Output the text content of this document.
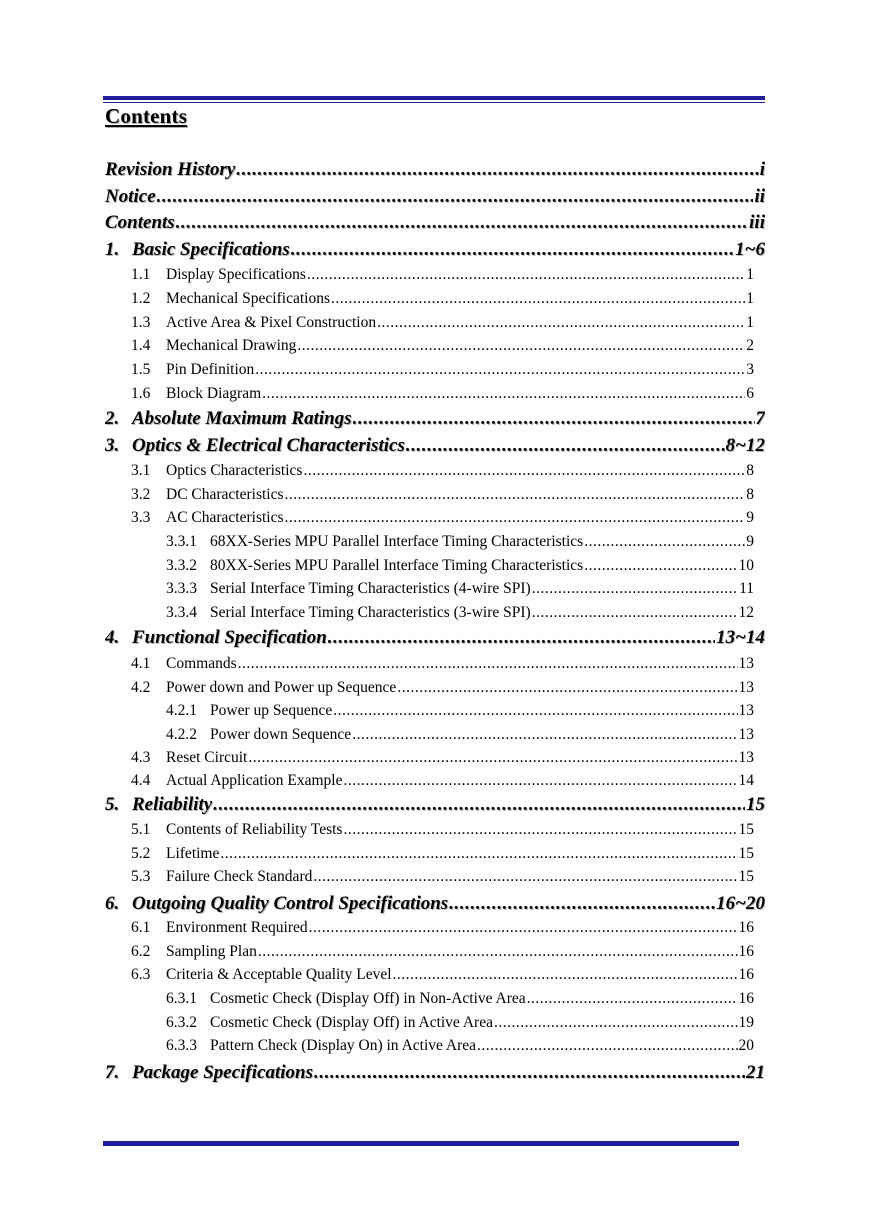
Contents
Revision History .....	i
Notice .....	ii
Contents .....	iii
1. Basic Specifications .....	1~6
1.1	Display Specifications .....	1
1.2	Mechanical Specifications .....	1
1.3	Active Area & Pixel Construction .....	1
1.4	Mechanical Drawing .....	2
1.5	Pin Definition .....	3
1.6	Block Diagram .....	6
2. Absolute Maximum Ratings .....	7
3. Optics & Electrical Characteristics .....	8~12
3.1	Optics Characteristics .....	8
3.2	DC Characteristics .....	8
3.3	AC Characteristics .....	9
3.3.1 68XX-Series MPU Parallel Interface Timing Characteristics .....	9
3.3.2 80XX-Series MPU Parallel Interface Timing Characteristics .....	10
3.3.3 Serial Interface Timing Characteristics (4-wire SPI) .....	11
3.3.4 Serial Interface Timing Characteristics (3-wire SPI) .....	12
4. Functional Specification .....	13~14
4.1	Commands .....	13
4.2	Power down and Power up Sequence .....	13
4.2.1 Power up Sequence .....	13
4.2.2 Power down Sequence .....	13
4.3	Reset Circuit .....	13
4.4	Actual Application Example .....	14
5. Reliability .....	15
5.1	Contents of Reliability Tests .....	15
5.2	Lifetime .....	15
5.3	Failure Check Standard .....	15
6. Outgoing Quality Control Specifications .....	16~20
6.1	Environment Required .....	16
6.2	Sampling Plan .....	16
6.3	Criteria & Acceptable Quality Level .....	16
6.3.1 Cosmetic Check (Display Off) in Non-Active Area .....	16
6.3.2 Cosmetic Check (Display Off) in Active Area .....	19
6.3.3 Pattern Check (Display On) in Active Area .....	20
7. Package Specifications .....	21
